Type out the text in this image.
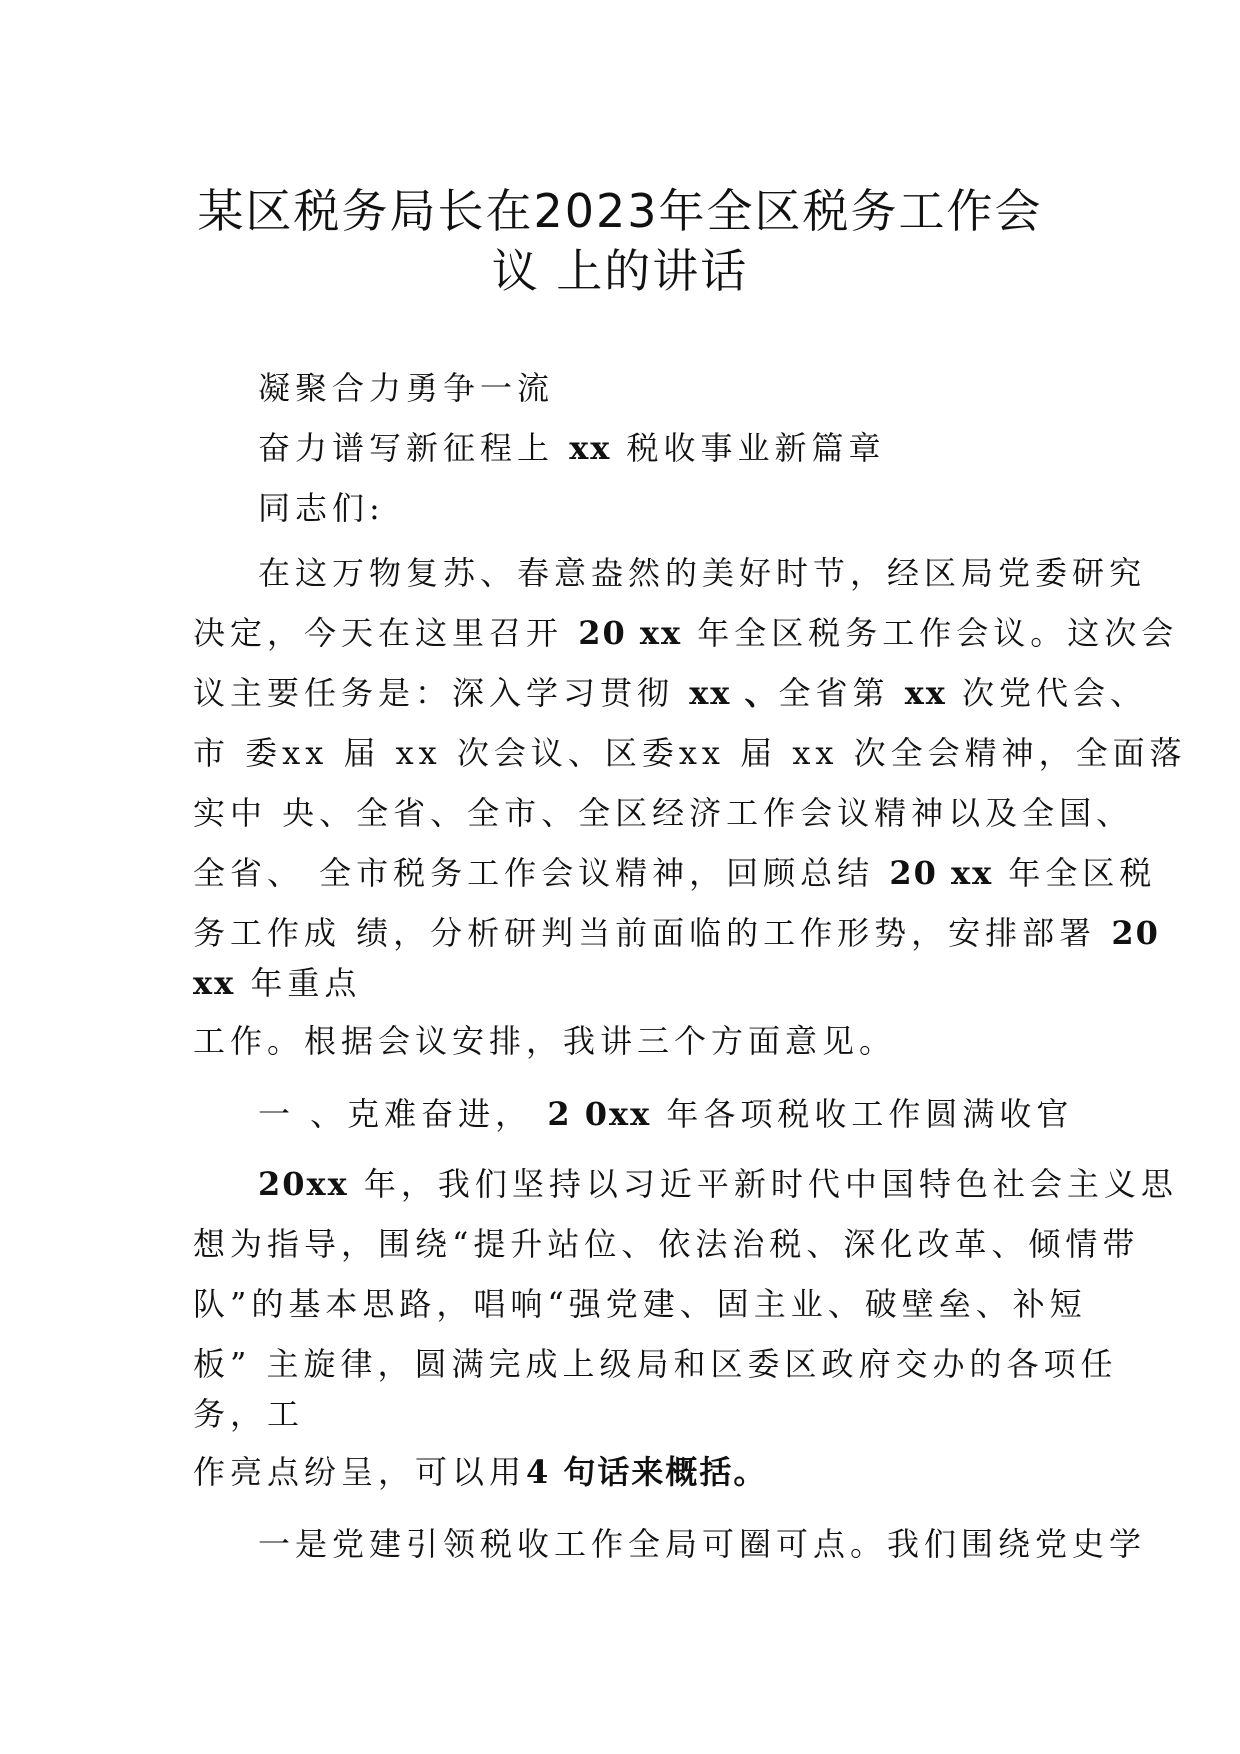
某区税务局长在2023年全区税务工作会
议 上的讲话
凝聚合力勇争一流
奋力谱写新征程上 xx 税收事业新篇章
同志们:
在这万物复苏、春意盎然的美好时节，经区局党委研究
决定，今天在这里召开 20 xx 年全区税务工作会议。这次会
议主要任务是：深入学习贯彻 xx 、全省第 xx 次党代会、
市 委xx 届 xx 次会议、区委xx 届 xx 次全会精神，全面落
实中 央、全省、全市、全区经济工作会议精神以及全国、
全省、 全市税务工作会议精神，回顾总结 20 xx 年全区税
务工作成 绩，分析研判当前面临的工作形势，安排部署 20
xx 年重点
工作。根据会议安排，我讲三个方面意见。
一 、克难奋进， 2 0xx 年各项税收工作圆满收官
20xx 年，我们坚持以习近平新时代中国特色社会主义思
想为指导，围绕“提升站位、依法治税、深化改革、倾情带
队”的基本思路，唱响“强党建、固主业、破壁垒、补短
板” 主旋律，圆满完成上级局和区委区政府交办的各项任
务，工
作亮点纷呈，可以用4 句话来概括。
一是党建引领税收工作全局可圈可点。我们围绕党史学
